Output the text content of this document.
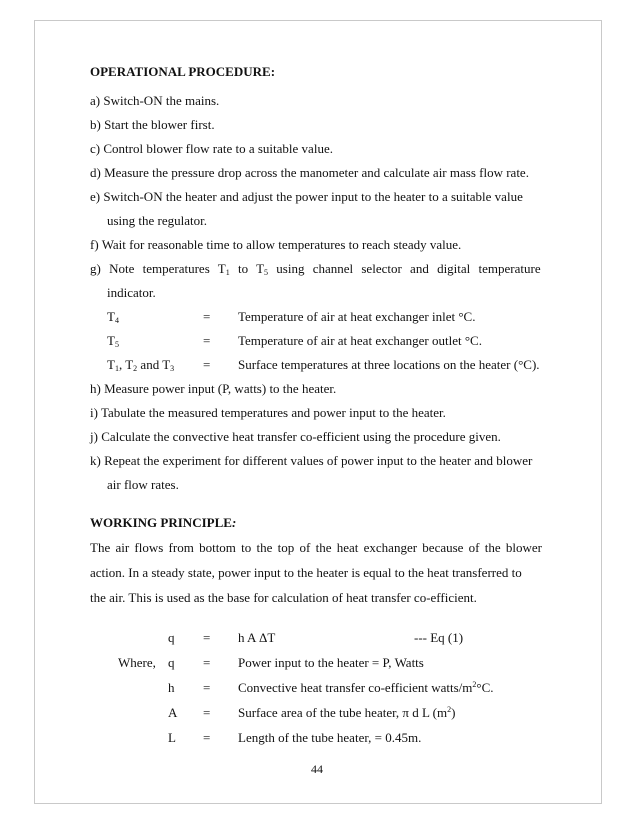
OPERATIONAL PROCEDURE:
a) Switch-ON the mains.
b) Start the blower first.
c) Control blower flow rate to a suitable value.
d) Measure the pressure drop across the manometer and calculate air mass flow rate.
e) Switch-ON the heater and adjust the power input to the heater to a suitable value
using the regulator.
f) Wait for reasonable time to allow temperatures to reach steady value.
g) Note temperatures $T_1$ to $T_5$ using channel selector and digital temperature
indicator.
$T_4$	= Temperature of air at heat exchanger inlet °C.
$T_5$	= Temperature of air at heat exchanger outlet °C.
$T_1$, $T_2$ and $T_3$ = Surface temperatures at three locations on the heater (°C).
h) Measure power input (P, watts) to the heater.
i) Tabulate the measured temperatures and power input to the heater.
j) Calculate the convective heat transfer co-efficient using the procedure given.
k) Repeat the experiment for different values of power input to the heater and blower
air flow rates.
WORKING PRINCIPLE:
The air flows from bottom to the top of the heat exchanger because of the blower
action. In a steady state, power input to the heater is equal to the heat transferred to
the air. This is used as the base for calculation of heat transfer co-efficient.
q = h A ΔT	--- Eq (1)
Where, q = Power input to the heater = P, Watts
h = Convective heat transfer co-efficient watts/$m^2^\circ C$.
A = Surface area of the tube heater, π d L $(m^2)$
L = Length of the tube heater, = 0.45m.
44
